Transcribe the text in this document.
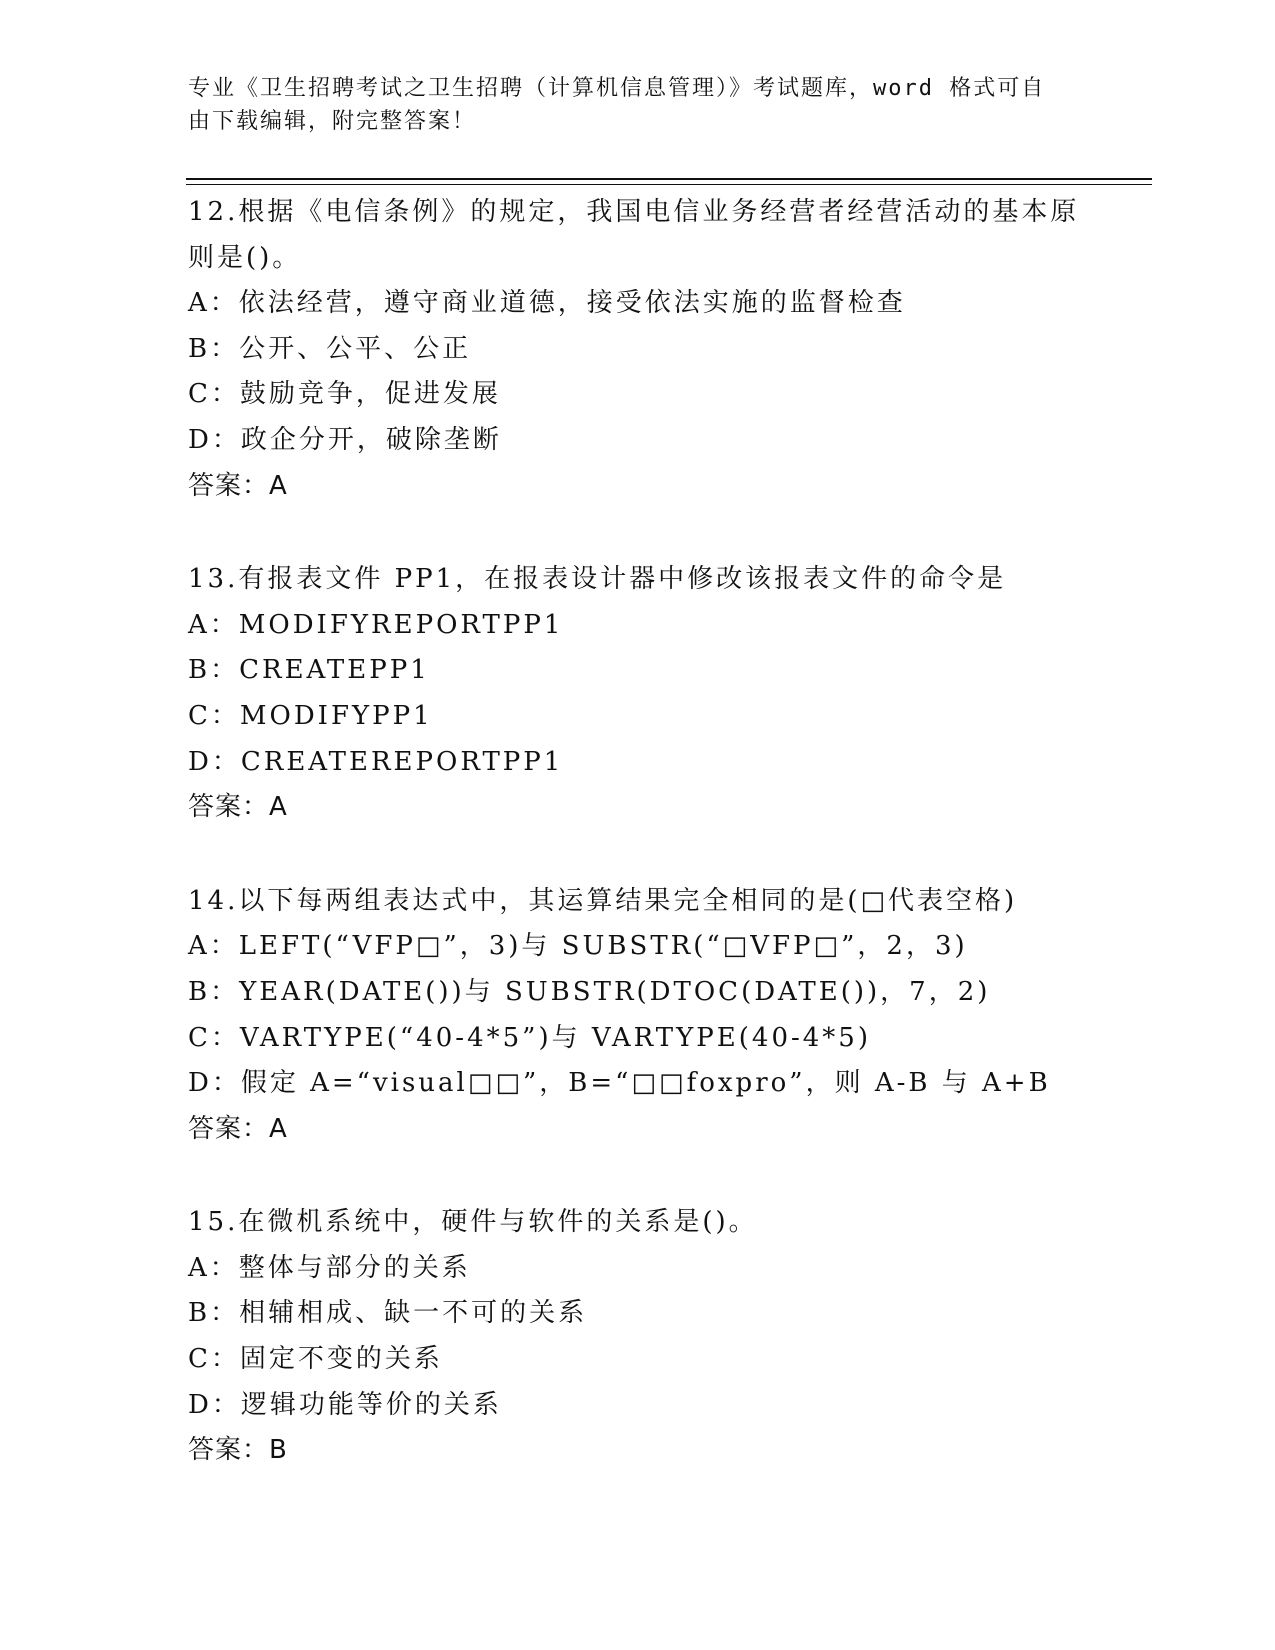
专业《卫生招聘考试之卫生招聘（计算机信息管理）》考试题库，word 格式可自
由下载编辑，附完整答案！
12.根据《电信条例》的规定，我国电信业务经营者经营活动的基本原
则是()。
A：依法经营，遵守商业道德，接受依法实施的监督检查
B：公开、公平、公正
C：鼓励竞争，促进发展
D：政企分开，破除垄断
答案：A
13.有报表文件 PP1，在报表设计器中修改该报表文件的命令是
A：MODIFYREPORTPP1
B：CREATEPP1
C：MODIFYPP1
D：CREATEREPORTPP1
答案：A
14.以下每两组表达式中，其运算结果完全相同的是(□代表空格)
A：LEFT(“VFP□”，3)与 SUBSTR(“□VFP□”，2，3)
B：YEAR(DATE())与 SUBSTR(DTOC(DATE())，7，2)
C：VARTYPE(“40-4*5”)与 VARTYPE(40-4*5)
D：假定 A=“visual□□”，B=“□□foxpro”，则 A-B 与 A+B
答案：A
15.在微机系统中，硬件与软件的关系是()。
A：整体与部分的关系
B：相辅相成、缺一不可的关系
C：固定不变的关系
D：逻辑功能等价的关系
答案：B
